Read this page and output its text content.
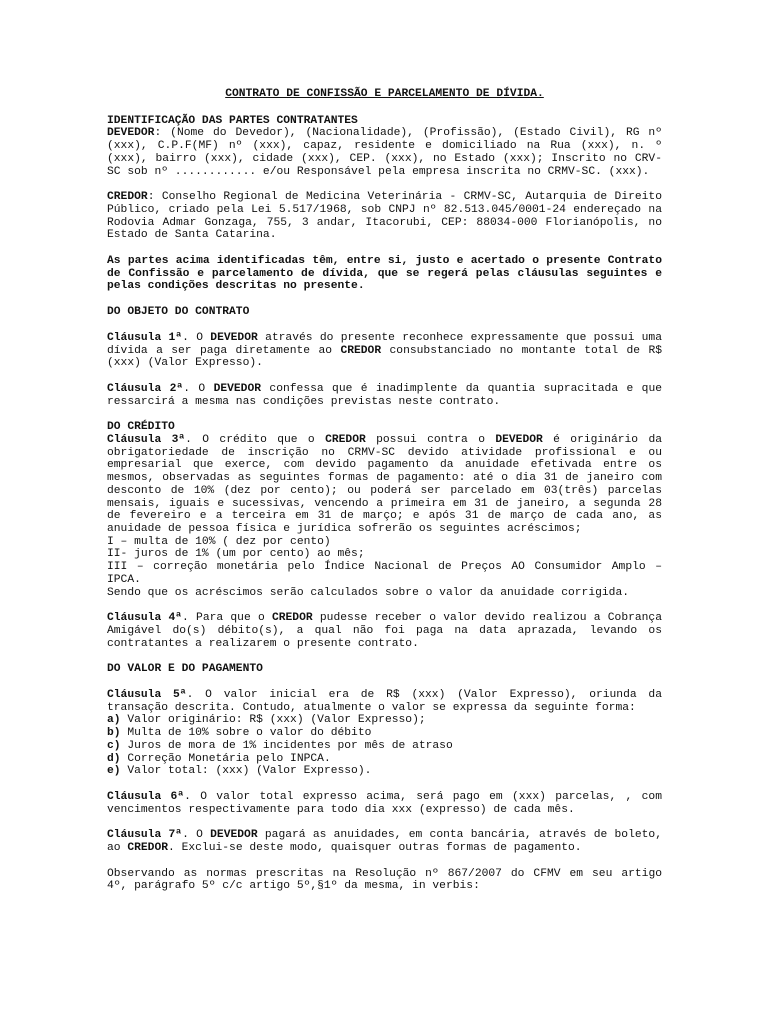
CONTRATO DE CONFISSÃO E PARCELAMENTO DE DÍVIDA.

IDENTIFICAÇÃO DAS PARTES CONTRATANTES

DEVEDOR: (Nome do Devedor), (Nacionalidade), (Profissão), (Estado Civil), RG nº (xxx), C.P.F(MF) nº (xxx), capaz, residente e domiciliado na Rua (xxx), n. º (xxx), bairro (xxx), cidade (xxx), CEP. (xxx), no Estado (xxx); Inscrito no CRV-SC sob nº ............ e/ou Responsável pela empresa inscrita no CRMV-SC. (xxx).

CREDOR: Conselho Regional de Medicina Veterinária - CRMV-SC, Autarquia de Direito Público, criado pela Lei 5.517/1968, sob CNPJ nº 82.513.045/0001-24 endereçado na Rodovia Admar Gonzaga, 755, 3 andar, Itacorubi, CEP: 88034-000 Florianópolis, no Estado de Santa Catarina.

As partes acima identificadas têm, entre si, justo e acertado o presente Contrato de Confissão e parcelamento de dívida, que se regerá pelas cláusulas seguintes e pelas condições descritas no presente.

DO OBJETO DO CONTRATO

Cláusula 1ª. O DEVEDOR através do presente reconhece expressamente que possui uma dívida a ser paga diretamente ao CREDOR consubstanciado no montante total de R$ (xxx) (Valor Expresso).

Cláusula 2ª. O DEVEDOR confessa que é inadimplente da quantia supracitada e que ressarcirá a mesma nas condições previstas neste contrato.

DO CRÉDITO

Cláusula 3ª. O crédito que o CREDOR possui contra o DEVEDOR é originário da obrigatoriedade de inscrição no CRMV-SC devido atividade profissional e ou empresarial que exerce, com devido pagamento da anuidade efetivada entre os mesmos, observadas as seguintes formas de pagamento: até o dia 31 de janeiro com desconto de 10% (dez por cento); ou poderá ser parcelado em 03(três) parcelas mensais, iguais e sucessivas, vencendo a primeira em 31 de janeiro, a segunda 28 de fevereiro e a terceira em 31 de março; e após 31 de março de cada ano, as anuidade de pessoa física e jurídica sofrerão os seguintes acréscimos;

I – multa de 10% ( dez por cento)

II- juros de 1% (um por cento) ao mês;

III – correção monetária pelo Índice Nacional de Preços AO Consumidor Amplo – IPCA.

Sendo que os acréscimos serão calculados sobre o valor da anuidade corrigida.

Cláusula 4ª. Para que o CREDOR pudesse receber o valor devido realizou a Cobrança Amigável do(s) débito(s), a qual não foi paga na data aprazada, levando os contratantes a realizarem o presente contrato.

DO VALOR E DO PAGAMENTO

Cláusula 5ª. O valor inicial era de R$ (xxx) (Valor Expresso), oriunda da transação descrita. Contudo, atualmente o valor se expressa da seguinte forma:

a) Valor originário: R$ (xxx) (Valor Expresso);

b) Multa de 10% sobre o valor do débito

c) Juros de mora de 1% incidentes por mês de atraso

d) Correção Monetária pelo INPCA.

e) Valor total: (xxx) (Valor Expresso).

Cláusula 6ª. O valor total expresso acima, será pago em (xxx) parcelas, , com vencimentos respectivamente para todo dia xxx (expresso) de cada mês.

Cláusula 7ª. O DEVEDOR pagará as anuidades, em conta bancária, através de boleto, ao CREDOR. Exclui-se deste modo, quaisquer outras formas de pagamento.

Observando as normas prescritas na Resolução nº 867/2007 do CFMV em seu artigo 4º, parágrafo 5º c/c artigo 5º,§1º da mesma, in verbis:
